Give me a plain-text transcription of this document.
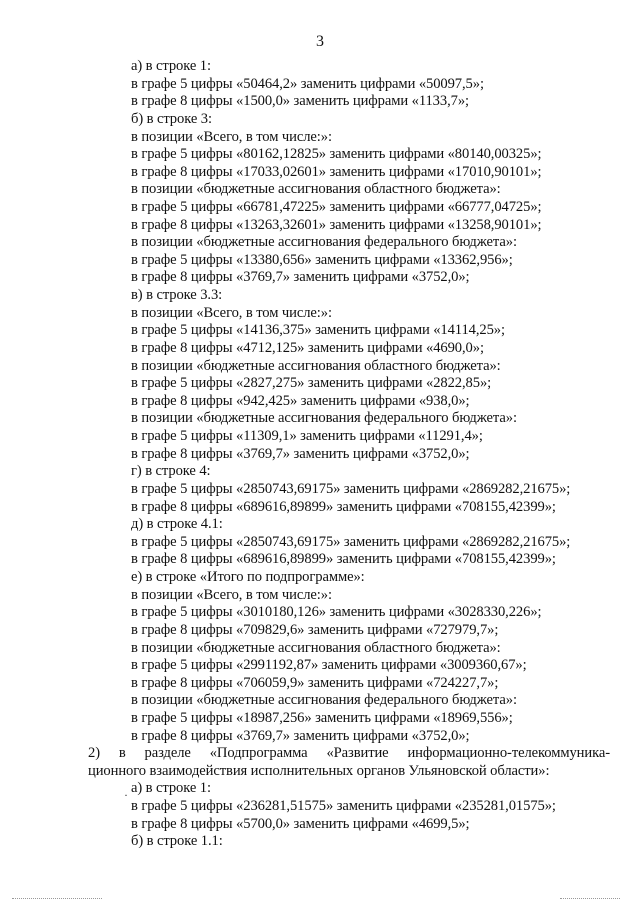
3
а) в строке 1:
в графе 5 цифры «50464,2» заменить цифрами «50097,5»;
в графе 8 цифры «1500,0» заменить цифрами «1133,7»;
б) в строке 3:
в позиции «Всего, в том числе:»:
в графе 5 цифры «80162,12825» заменить цифрами «80140,00325»;
в графе 8 цифры «17033,02601» заменить цифрами «17010,90101»;
в позиции «бюджетные ассигнования областного бюджета»:
в графе 5 цифры «66781,47225» заменить цифрами «66777,04725»;
в графе 8 цифры «13263,32601» заменить цифрами «13258,90101»;
в позиции «бюджетные ассигнования федерального бюджета»:
в графе 5 цифры «13380,656» заменить цифрами «13362,956»;
в графе 8 цифры «3769,7» заменить цифрами «3752,0»;
в) в строке 3.3:
в позиции «Всего, в том числе:»:
в графе 5 цифры «14136,375» заменить цифрами «14114,25»;
в графе 8 цифры «4712,125» заменить цифрами «4690,0»;
в позиции «бюджетные ассигнования областного бюджета»:
в графе 5 цифры «2827,275» заменить цифрами «2822,85»;
в графе 8 цифры «942,425» заменить цифрами «938,0»;
в позиции «бюджетные ассигнования федерального бюджета»:
в графе 5 цифры «11309,1» заменить цифрами «11291,4»;
в графе 8 цифры «3769,7» заменить цифрами «3752,0»;
г) в строке 4:
в графе 5 цифры «2850743,69175» заменить цифрами «2869282,21675»;
в графе 8 цифры «689616,89899» заменить цифрами «708155,42399»;
д) в строке 4.1:
в графе 5 цифры «2850743,69175» заменить цифрами «2869282,21675»;
в графе 8 цифры «689616,89899» заменить цифрами «708155,42399»;
е) в строке «Итого по подпрограмме»:
в позиции «Всего, в том числе:»:
в графе 5 цифры «3010180,126» заменить цифрами «3028330,226»;
в графе 8 цифры «709829,6» заменить цифрами «727979,7»;
в позиции «бюджетные ассигнования областного бюджета»:
в графе 5 цифры «2991192,87» заменить цифрами «3009360,67»;
в графе 8 цифры «706059,9» заменить цифрами «724227,7»;
в позиции «бюджетные ассигнования федерального бюджета»:
в графе 5 цифры «18987,256» заменить цифрами «18969,556»;
в графе 8 цифры «3769,7» заменить цифрами «3752,0»;
2) в разделе «Подпрограмма «Развитие информационно-телекоммуника-
ционного взаимодействия исполнительных органов Ульяновской области»:
а) в строке 1:
в графе 5 цифры «236281,51575» заменить цифрами «235281,01575»;
в графе 8 цифры «5700,0» заменить цифрами «4699,5»;
б) в строке 1.1:
·
